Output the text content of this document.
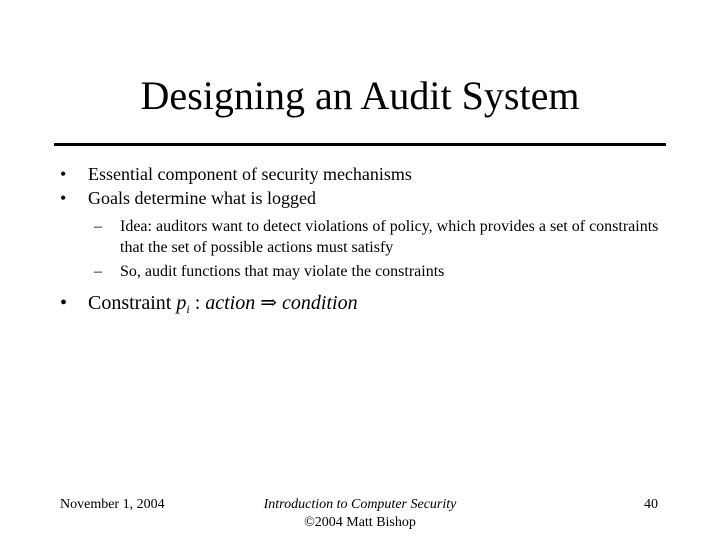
Designing an Audit System
•	Essential component of security mechanisms
•	Goals determine what is logged
–	Idea: auditors want to detect violations of policy, which provides a set of constraints that the set of possible actions must satisfy
–	So, audit functions that may violate the constraints
•	Constraint $p_i$ : action ⇒ condition
November 1, 2004	Introduction to Computer Security
©2004 Matt Bishop
40
